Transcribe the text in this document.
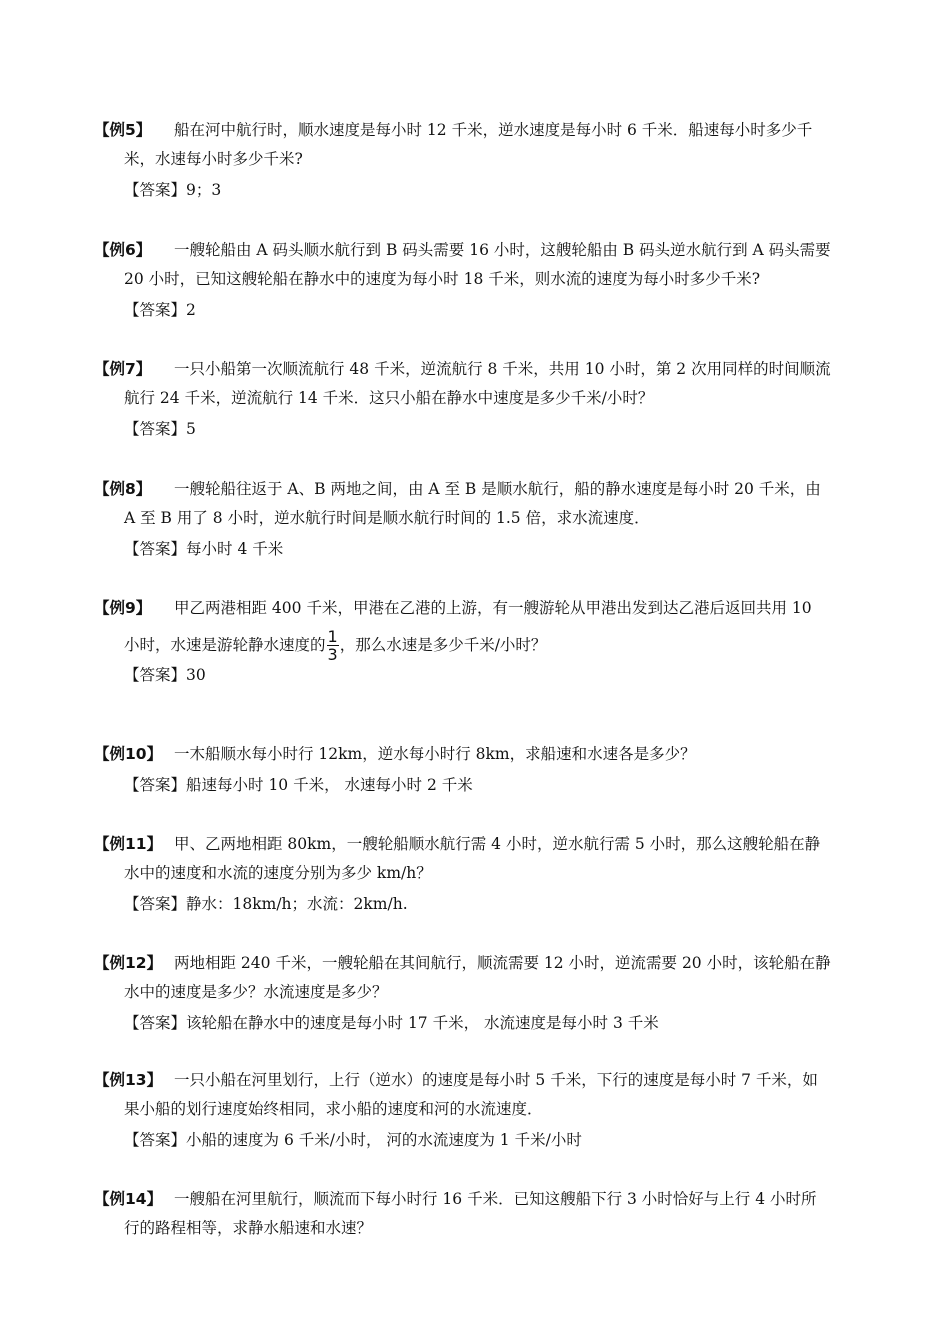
【例5】 船在河中航行时，顺水速度是每小时 12 千米，逆水速度是每小时 6 千米．船速每小时多少千
米，水速每小时多少千米?
【答案】9；3
【例6】 一艘轮船由 A 码头顺水航行到 B 码头需要 16 小时，这艘轮船由 B 码头逆水航行到 A 码头需要
20 小时，已知这艘轮船在静水中的速度为每小时 18 千米，则水流的速度为每小时多少千米?
【答案】2
【例7】 一只小船第一次顺流航行 48 千米，逆流航行 8 千米，共用 10 小时，第 2 次用同样的时间顺流
航行 24 千米，逆流航行 14 千米．这只小船在静水中速度是多少千米/小时？
【答案】5
【例8】 一艘轮船往返于 A、B 两地之间，由 A 至 B 是顺水航行，船的静水速度是每小时 20 千米，由
A 至 B 用了 8 小时，逆水航行时间是顺水航行时间的 1.5 倍，求水流速度．
【答案】每小时 4 千米
【例9】 甲乙两港相距 400 千米，甲港在乙港的上游，有一艘游轮从甲港出发到达乙港后返回共用 10
小时，水速是游轮静水速度的 $\frac{1}{3}$ ，那么水速是多少千米/小时？
【答案】30
【例10】 一木船顺水每小时行 12km，逆水每小时行 8km，求船速和水速各是多少？
【答案】船速每小时 10 千米， 水速每小时 2 千米
【例11】 甲、乙两地相距 80km，一艘轮船顺水航行需 4 小时，逆水航行需 5 小时，那么这艘轮船在静
水中的速度和水流的速度分别为多少 km/h？
【答案】静水：18km/h；水流：2km/h.
【例12】 两地相距 240 千米，一艘轮船在其间航行，顺流需要 12 小时，逆流需要 20 小时，该轮船在静
水中的速度是多少？水流速度是多少？
【答案】该轮船在静水中的速度是每小时 17 千米， 水流速度是每小时 3 千米
【例13】 一只小船在河里划行，上行（逆水）的速度是每小时 5 千米，下行的速度是每小时 7 千米，如
果小船的划行速度始终相同，求小船的速度和河的水流速度．
【答案】小船的速度为 6 千米/小时， 河的水流速度为 1 千米/小时
【例14】 一艘船在河里航行，顺流而下每小时行 16 千米．已知这艘船下行 3 小时恰好与上行 4 小时所
行的路程相等，求静水船速和水速？
